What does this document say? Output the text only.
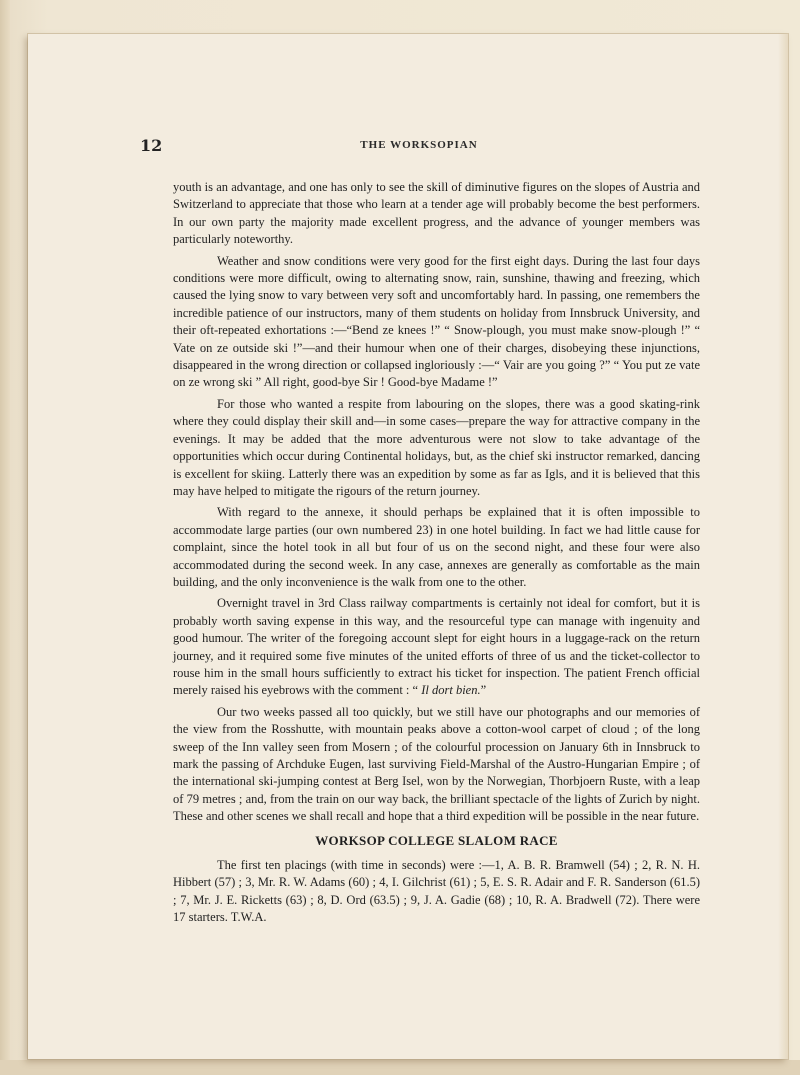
12	THE WORKSOPIAN

youth is an advantage, and one has only to see the skill of diminutive figures on the slopes of Austria and Switzerland to appreciate that those who learn at a tender age will probably become the best performers. In our own party the majority made excellent progress, and the advance of younger members was particularly noteworthy.

Weather and snow conditions were very good for the first eight days. During the last four days conditions were more difficult, owing to alternating snow, rain, sunshine, thawing and freezing, which caused the lying snow to vary between very soft and uncomfortably hard. In passing, one remembers the incredible patience of our instructors, many of them students on holiday from Innsbruck University, and their oft-repeated exhortations :—“Bend ze knees !” “ Snow-plough, you must make snow-plough !” “ Vate on ze outside ski !”—and their humour when one of their charges, disobeying these injunctions, disappeared in the wrong direction or collapsed ingloriously :—“ Vair are you going ?” “ You put ze vate on ze wrong ski ” All right, good-bye Sir ! Good-bye Madame !”

For those who wanted a respite from labouring on the slopes, there was a good skating-rink where they could display their skill and—in some cases—prepare the way for attractive company in the evenings. It may be added that the more adventurous were not slow to take advantage of the opportunities which occur during Continental holidays, but, as the chief ski instructor remarked, dancing is excellent for skiing. Latterly there was an expedition by some as far as Igls, and it is believed that this may have helped to mitigate the rigours of the return journey.

With regard to the annexe, it should perhaps be explained that it is often impossible to accommodate large parties (our own numbered 23) in one hotel building. In fact we had little cause for complaint, since the hotel took in all but four of us on the second night, and these four were also accommodated during the second week. In any case, annexes are generally as comfortable as the main building, and the only inconvenience is the walk from one to the other.

Overnight travel in 3rd Class railway compartments is certainly not ideal for comfort, but it is probably worth saving expense in this way, and the resourceful type can manage with ingenuity and good humour. The writer of the foregoing account slept for eight hours in a luggage-rack on the return journey, and it required some five minutes of the united efforts of three of us and the ticket-collector to rouse him in the small hours sufficiently to extract his ticket for inspection. The patient French official merely raised his eyebrows with the comment : “ Il dort bien.”

Our two weeks passed all too quickly, but we still have our photographs and our memories of the view from the Rosshutte, with mountain peaks above a cotton-wool carpet of cloud ; of the long sweep of the Inn valley seen from Mosern ; of the colourful procession on January 6th in Innsbruck to mark the passing of Archduke Eugen, last surviving Field-Marshal of the Austro-Hungarian Empire ; of the international ski-jumping contest at Berg Isel, won by the Norwegian, Thorbjoern Ruste, with a leap of 79 metres ; and, from the train on our way back, the brilliant spectacle of the lights of Zurich by night. These and other scenes we shall recall and hope that a third expedition will be possible in the near future.

WORKSOP COLLEGE SLALOM RACE

The first ten placings (with time in seconds) were :—1, A. B. R. Bramwell (54) ; 2, R. N. H. Hibbert (57) ; 3, Mr. R. W. Adams (60) ; 4, I. Gilchrist (61) ; 5, E. S. R. Adair and F. R. Sanderson (61.5) ; 7, Mr. J. E. Ricketts (63) ; 8, D. Ord (63.5) ; 9, J. A. Gadie (68) ; 10, R. A. Bradwell (72). There were 17 starters. T.W.A.
